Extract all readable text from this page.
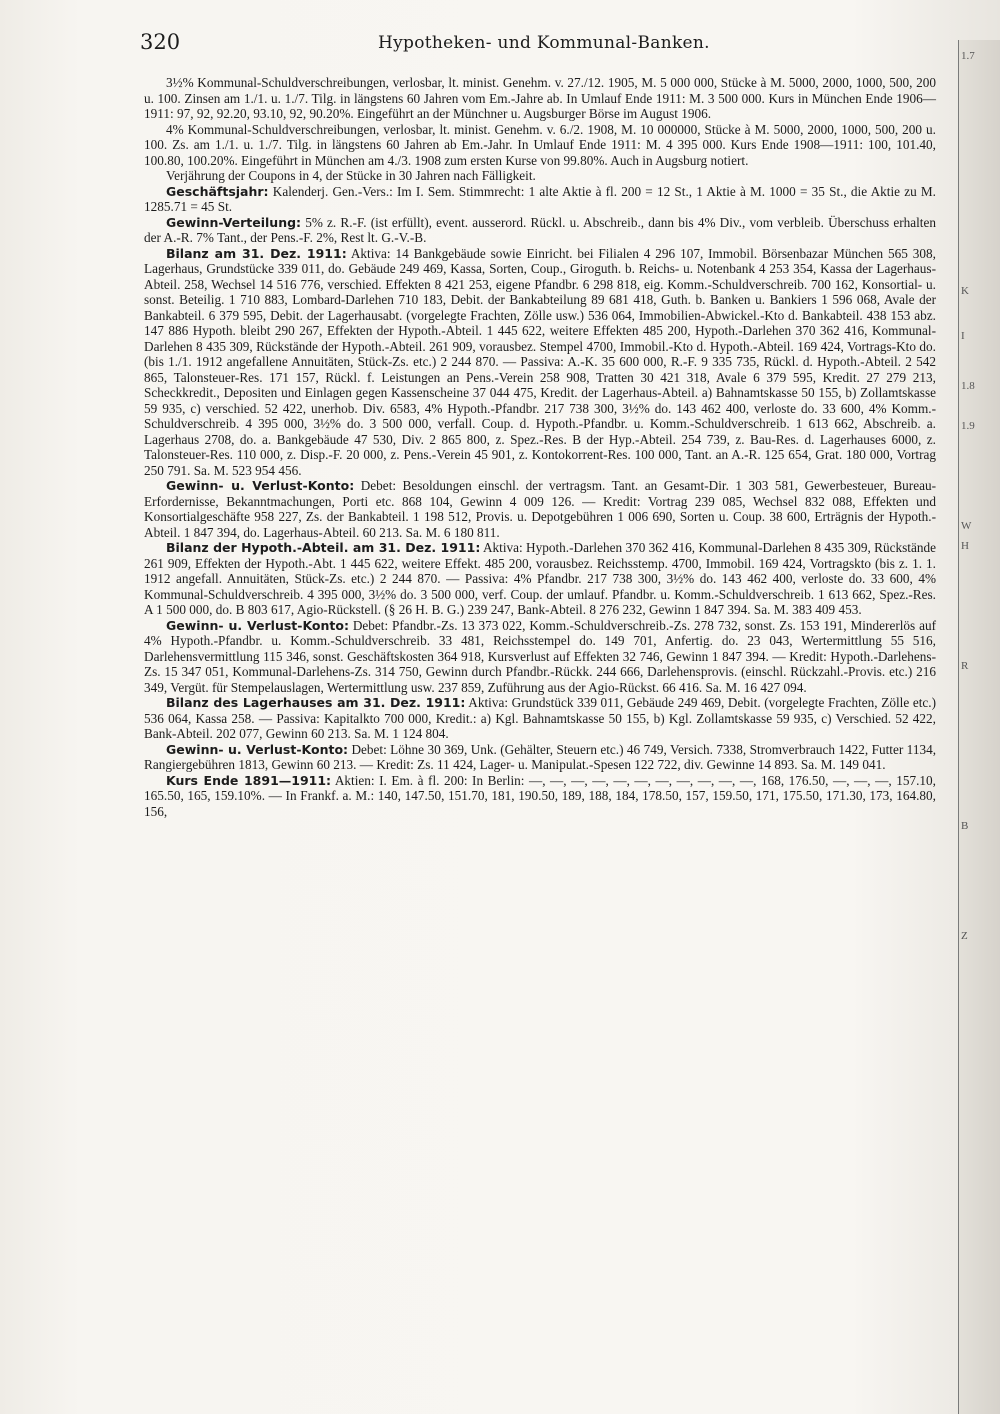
320	Hypotheken- und Kommunal-Banken.

3½% Kommunal-Schuldverschreibungen, verlosbar, lt. minist. Genehm. v. 27./12. 1905, M. 5 000 000, Stücke à M. 5000, 2000, 1000, 500, 200 u. 100. Zinsen am 1./1. u. 1./7. Tilg. in längstens 60 Jahren vom Em.-Jahre ab. In Umlauf Ende 1911: M. 3 500 000. Kurs in München Ende 1906—1911: 97, 92, 92.20, 93.10, 92, 90.20%. Eingeführt an der Münchner u. Augsburger Börse im August 1906.

4% Kommunal-Schuldverschreibungen, verlosbar, lt. minist. Genehm. v. 6./2. 1908, M. 10 000000, Stücke à M. 5000, 2000, 1000, 500, 200 u. 100. Zs. am 1./1. u. 1./7. Tilg. in längstens 60 Jahren ab Em.-Jahr. In Umlauf Ende 1911: M. 4 395 000. Kurs Ende 1908—1911: 100, 101.40, 100.80, 100.20%. Eingeführt in München am 4./3. 1908 zum ersten Kurse von 99.80%. Auch in Augsburg notiert.

Verjährung der Coupons in 4, der Stücke in 30 Jahren nach Fälligkeit.

Geschäftsjahr: Kalenderj. Gen.-Vers.: Im I. Sem. Stimmrecht: 1 alte Aktie à fl. 200 = 12 St., 1 Aktie à M. 1000 = 35 St., die Aktie zu M. 1285.71 = 45 St.

Gewinn-Verteilung: 5% z. R.-F. (ist erfüllt), event. ausserord. Rückl. u. Abschreib., dann bis 4% Div., vom verbleib. Überschuss erhalten der A.-R. 7% Tant., der Pens.-F. 2%, Rest lt. G.-V.-B.

Bilanz am 31. Dez. 1911: Aktiva: 14 Bankgebäude sowie Einricht. bei Filialen 4 296 107, Immobil. Börsenbazar München 565 308, Lagerhaus, Grundstücke 339 011, do. Gebäude 249 469, Kassa, Sorten, Coup., Giroguth. b. Reichs- u. Notenbank 4 253 354, Kassa der Lagerhaus-Abteil. 258, Wechsel 14 516 776, verschied. Effekten 8 421 253, eigene Pfandbr. 6 298 818, eig. Komm.-Schuldverschreib. 700 162, Konsortial- u. sonst. Beteilig. 1 710 883, Lombard-Darlehen 710 183, Debit. der Bankabteilung 89 681 418, Guth. b. Banken u. Bankiers 1 596 068, Avale der Bankabteil. 6 379 595, Debit. der Lagerhausabt. (vorgelegte Frachten, Zölle usw.) 536 064, Immobilien-Abwickel.-Kto d. Bankabteil. 438 153 abz. 147 886 Hypoth. bleibt 290 267, Effekten der Hypoth.-Abteil. 1 445 622, weitere Effekten 485 200, Hypoth.-Darlehen 370 362 416, Kommunal-Darlehen 8 435 309, Rückstände der Hypoth.-Abteil. 261 909, vorausbez. Stempel 4700, Immobil.-Kto d. Hypoth.-Abteil. 169 424, Vortrags-Kto do. (bis 1./1. 1912 angefallene Annuitäten, Stück-Zs. etc.) 2 244 870. — Passiva: A.-K. 35 600 000, R.-F. 9 335 735, Rückl. d. Hypoth.-Abteil. 2 542 865, Talonsteuer-Res. 171 157, Rückl. f. Leistungen an Pens.-Verein 258 908, Tratten 30 421 318, Avale 6 379 595, Kredit. 27 279 213, Scheckkredit., Depositen und Einlagen gegen Kassenscheine 37 044 475, Kredit. der Lagerhaus-Abteil. a) Bahnamtskasse 50 155, b) Zollamtskasse 59 935, c) verschied. 52 422, unerhob. Div. 6583, 4% Hypoth.-Pfandbr. 217 738 300, 3½% do. 143 462 400, verloste do. 33 600, 4% Komm.-Schuldverschreib. 4 395 000, 3½% do. 3 500 000, verfall. Coup. d. Hypoth.-Pfandbr. u. Komm.-Schuldverschreib. 1 613 662, Abschreib. a. Lagerhaus 2708, do. a. Bankgebäude 47 530, Div. 2 865 800, z. Spez.-Res. B der Hyp.-Abteil. 254 739, z. Bau-Res. d. Lagerhauses 6000, z. Talonsteuer-Res. 110 000, z. Disp.-F. 20 000, z. Pens.-Verein 45 901, z. Kontokorrent-Res. 100 000, Tant. an A.-R. 125 654, Grat. 180 000, Vortrag 250 791. Sa. M. 523 954 456.

Gewinn- u. Verlust-Konto: Debet: Besoldungen einschl. der vertragsm. Tant. an Gesamt-Dir. 1 303 581, Gewerbesteuer, Bureau-Erfordernisse, Bekanntmachungen, Porti etc. 868 104, Gewinn 4 009 126. — Kredit: Vortrag 239 085, Wechsel 832 088, Effekten und Konsortialgeschäfte 958 227, Zs. der Bankabteil. 1 198 512, Provis. u. Depotgebühren 1 006 690, Sorten u. Coup. 38 600, Erträgnis der Hypoth.-Abteil. 1 847 394, do. Lagerhaus-Abteil. 60 213. Sa. M. 6 180 811.

Bilanz der Hypoth.-Abteil. am 31. Dez. 1911: Aktiva: Hypoth.-Darlehen 370 362 416, Kommunal-Darlehen 8 435 309, Rückstände 261 909, Effekten der Hypoth.-Abt. 1 445 622, weitere Effekt. 485 200, vorausbez. Reichsstemp. 4700, Immobil. 169 424, Vortragskto (bis z. 1. 1. 1912 angefall. Annuitäten, Stück-Zs. etc.) 2 244 870. — Passiva: 4% Pfandbr. 217 738 300, 3½% do. 143 462 400, verloste do. 33 600, 4% Kommunal-Schuldverschreib. 4 395 000, 3½% do. 3 500 000, verf. Coup. der umlauf. Pfandbr. u. Komm.-Schuldverschreib. 1 613 662, Spez.-Res. A 1 500 000, do. B 803 617, Agio-Rückstell. (§ 26 H. B. G.) 239 247, Bank-Abteil. 8 276 232, Gewinn 1 847 394. Sa. M. 383 409 453.

Gewinn- u. Verlust-Konto: Debet: Pfandbr.-Zs. 13 373 022, Komm.-Schuldverschreib.-Zs. 278 732, sonst. Zs. 153 191, Mindererlös auf 4% Hypoth.-Pfandbr. u. Komm.-Schuldverschreib. 33 481, Reichsstempel do. 149 701, Anfertig. do. 23 043, Wertermittlung 55 516, Darlehensvermittlung 115 346, sonst. Geschäftskosten 364 918, Kursverlust auf Effekten 32 746, Gewinn 1 847 394. — Kredit: Hypoth.-Darlehens-Zs. 15 347 051, Kommunal-Darlehens-Zs. 314 750, Gewinn durch Pfandbr.-Rückk. 244 666, Darlehensprovis. (einschl. Rückzahl.-Provis. etc.) 216 349, Vergüt. für Stempelauslagen, Wertermittlung usw. 237 859, Zuführung aus der Agio-Rückst. 66 416. Sa. M. 16 427 094.

Bilanz des Lagerhauses am 31. Dez. 1911: Aktiva: Grundstück 339 011, Gebäude 249 469, Debit. (vorgelegte Frachten, Zölle etc.) 536 064, Kassa 258. — Passiva: Kapitalkto 700 000, Kredit.: a) Kgl. Bahnamtskasse 50 155, b) Kgl. Zollamtskasse 59 935, c) Verschied. 52 422, Bank-Abteil. 202 077, Gewinn 60 213. Sa. M. 1 124 804.

Gewinn- u. Verlust-Konto: Debet: Löhne 30 369, Unk. (Gehälter, Steuern etc.) 46 749, Versich. 7338, Stromverbrauch 1422, Futter 1134, Rangiergebühren 1813, Gewinn 60 213. — Kredit: Zs. 11 424, Lager- u. Manipulat.-Spesen 122 722, div. Gewinne 14 893. Sa. M. 149 041.

Kurs Ende 1891—1911: Aktien: I. Em. à fl. 200: In Berlin: —, —, —, —, —, —, —, —, —, —, —, 168, 176.50, —, —, —, 157.10, 165.50, 165, 159.10%. — In Frankf. a. M.: 140, 147.50, 151.70, 181, 190.50, 189, 188, 184, 178.50, 157, 159.50, 171, 175.50, 171.30, 173, 164.80, 156,

1.7
1.8
1.9
K
I
W
H
R
B
Z
